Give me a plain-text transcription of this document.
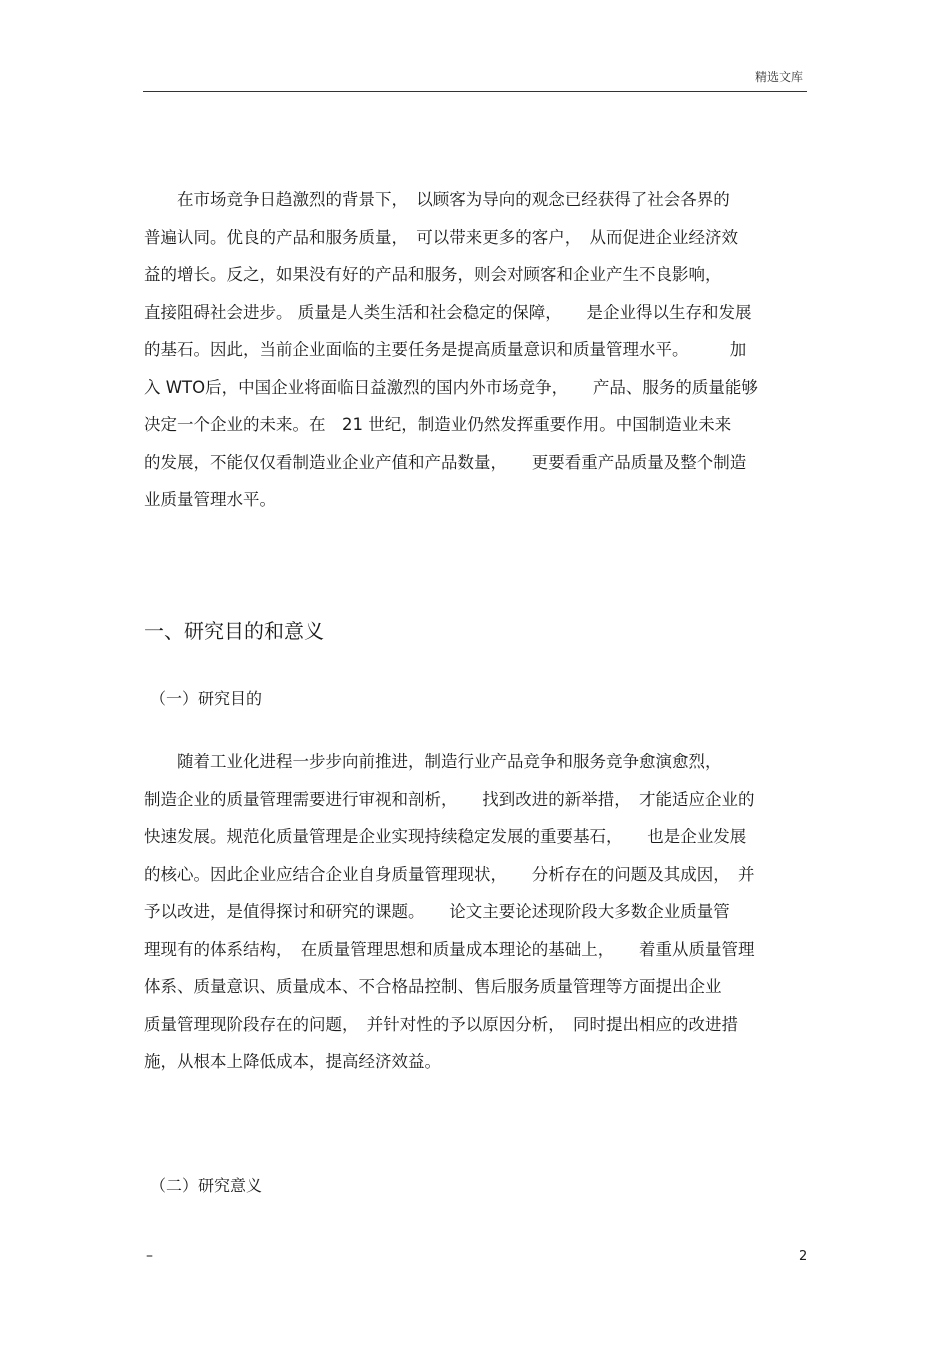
精选文库
　　在市场竞争日趋激烈的背景下，　以顾客为导向的观念已经获得了社会各界的
普遍认同。优良的产品和服务质量，　可以带来更多的客户，　从而促进企业经济效
益的增长。反之，如果没有好的产品和服务，则会对顾客和企业产生不良影响，
直接阻碍社会进步。 质量是人类生活和社会稳定的保障，　　是企业得以生存和发展
的基石。因此，当前企业面临的主要任务是提高质量意识和质量管理水平。　　　加
入 WTO后，中国企业将面临日益激烈的国内外市场竞争，　　产品、服务的质量能够
决定一个企业的未来。在　21 世纪，制造业仍然发挥重要作用。中国制造业未来
的发展，不能仅仅看制造业企业产值和产品数量，　　更要看重产品质量及整个制造
业质量管理水平。
一、研究目的和意义
（一）研究目的
　　随着工业化进程一步步向前推进，制造行业产品竞争和服务竞争愈演愈烈，
制造企业的质量管理需要进行审视和剖析，　　找到改进的新举措，　才能适应企业的
快速发展。规范化质量管理是企业实现持续稳定发展的重要基石，　　也是企业发展
的核心。因此企业应结合企业自身质量管理现状，　　分析存在的问题及其成因，　并
予以改进，是值得探讨和研究的课题。　　论文主要论述现阶段大多数企业质量管
理现有的体系结构，　在质量管理思想和质量成本理论的基础上，　　着重从质量管理
体系、质量意识、质量成本、不合格品控制、售后服务质量管理等方面提出企业
质量管理现阶段存在的问题，　并针对性的予以原因分析，　同时提出相应的改进措
施，从根本上降低成本，提高经济效益。
（二）研究意义
–	2
